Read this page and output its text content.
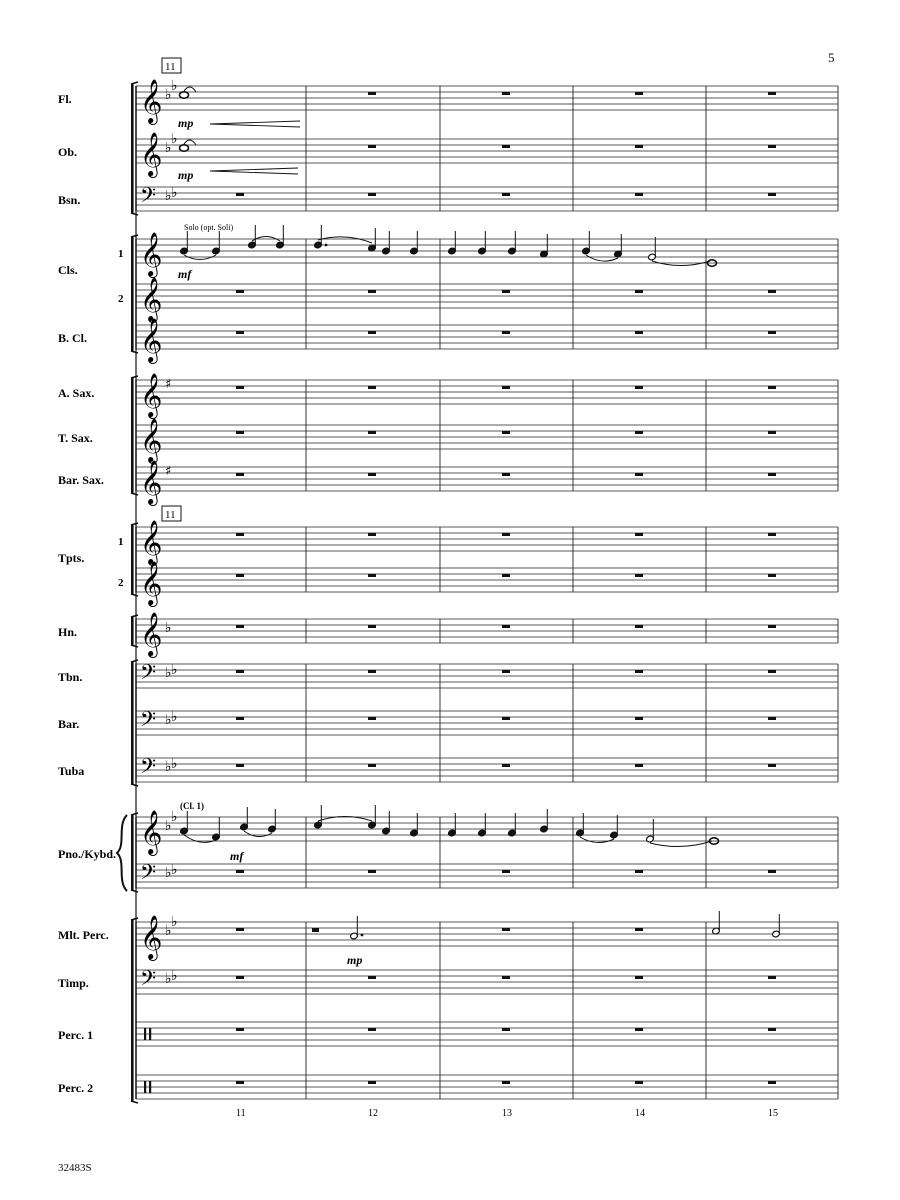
5
32483S
𝄞 ♭
♭
𝄞 ♭
♭
𝄢 ♭ ♭
𝄞
𝄞
𝄞
𝄞 ♯
𝄞
𝄞 ♯
𝄞
𝄞
𝄞 ♭
𝄢 ♭ ♭
𝄢 ♭ ♭
𝄢 ♭ ♭
𝄞 ♭
♭
𝄢 ♭ ♭
𝄞 ♭
♭
𝄢 ♭ ♭
Fl.
Ob.
Bsn.
Cls.
1
2
B. Cl.
A. Sax.
T. Sax.
Bar. Sax.
1
Tpts.
2
Hn.
Tbn.
Bar.
Tuba
Pno./Kybd.
Mlt. Perc.
Timp.
Perc. 1
Perc. 2
11
11
11	12	13	14	15
mp
mp
Solo (opt. Soli)
mf
(Cl. 1)
mf
mp
